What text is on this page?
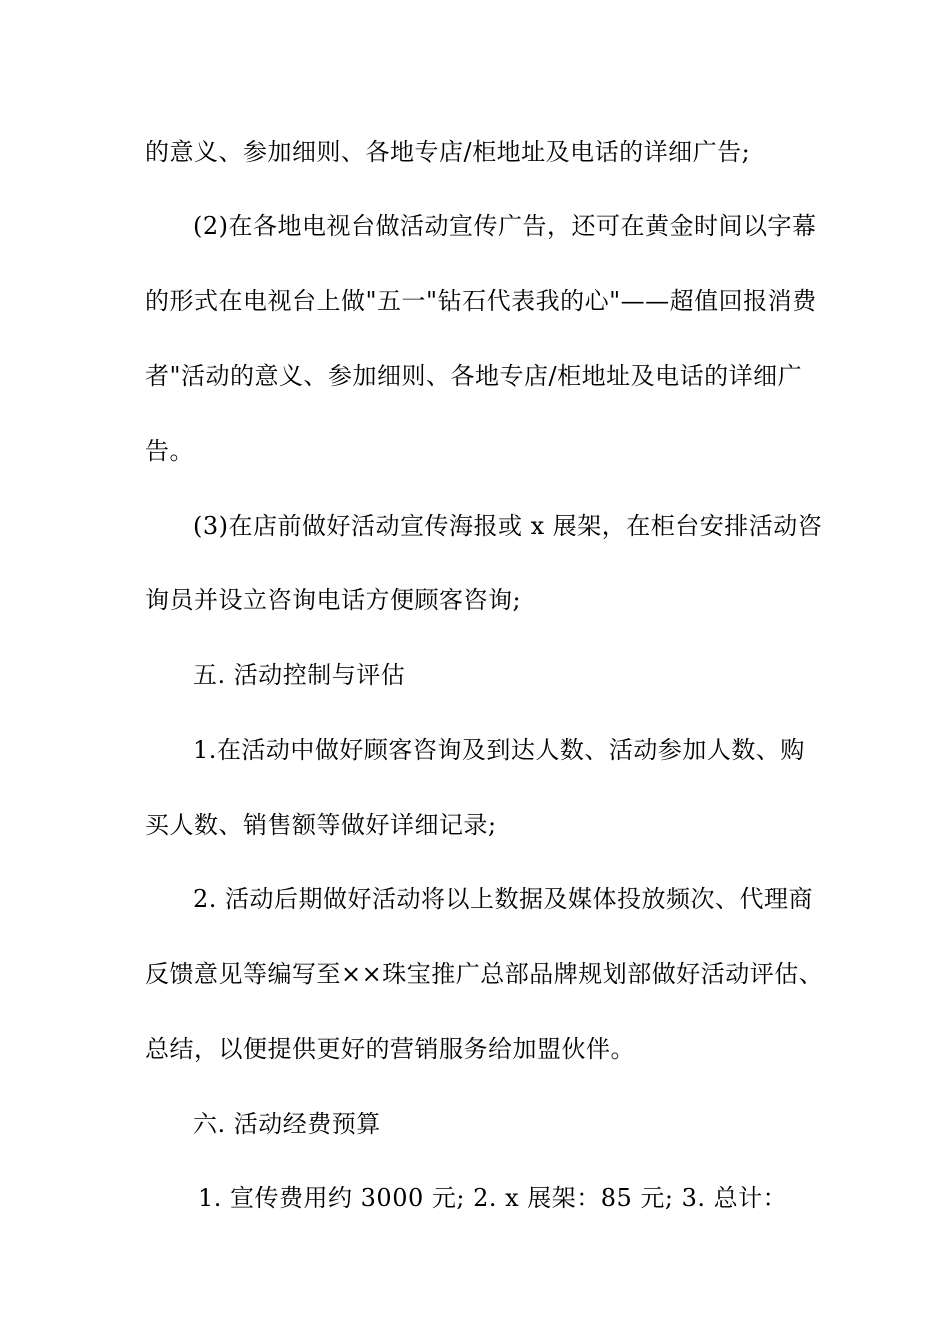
的意义、参加细则、各地专店/柜地址及电话的详细广告;
(2)在各地电视台做活动宣传广告，还可在黄金时间以字幕
的形式在电视台上做"五一"钻石代表我的心"——超值回报消费
者"活动的意义、参加细则、各地专店/柜地址及电话的详细广
告。
(3)在店前做好活动宣传海报或 x 展架，在柜台安排活动咨
询员并设立咨询电话方便顾客咨询;
五. 活动控制与评估
1.在活动中做好顾客咨询及到达人数、活动参加人数、购
买人数、销售额等做好详细记录;
2. 活动后期做好活动将以上数据及媒体投放频次、代理商
反馈意见等编写至××珠宝推广总部品牌规划部做好活动评估、
总结，以便提供更好的营销服务给加盟伙伴。
六. 活动经费预算
1. 宣传费用约 3000 元; 2. x 展架：85 元; 3. 总计：
